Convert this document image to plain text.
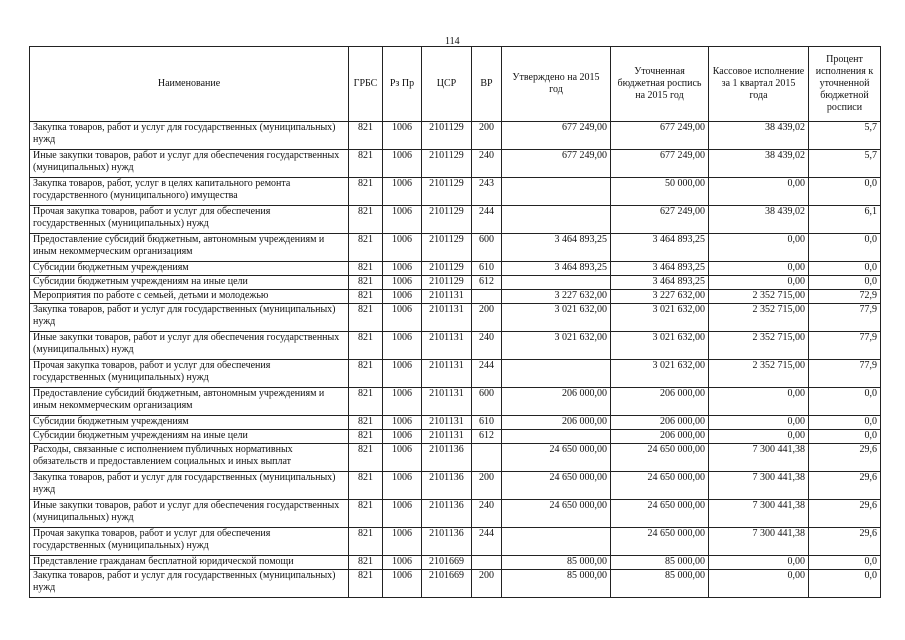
114
Наименование	ГРБС	Рз Пр	ЦСР	ВР	Утверждено на 2015 год	Уточненная бюджетная роспись на 2015 год	Кассовое исполнение за 1 квартал 2015 года	Процент исполнения к уточненной бюджетной росписи
Закупка товаров, работ и услуг для государственных (муниципальных) нужд	821	1006	2101129	200	677 249,00	677 249,00	38 439,02	5,7
Иные закупки товаров, работ и услуг для обеспечения государственных (муниципальных) нужд	821	1006	2101129	240	677 249,00	677 249,00	38 439,02	5,7
Закупка товаров, работ, услуг в целях капитального ремонта государственного (муниципального) имущества	821	1006	2101129	243		50 000,00	0,00	0,0
Прочая закупка товаров, работ и услуг для обеспечения государственных (муниципальных) нужд	821	1006	2101129	244		627 249,00	38 439,02	6,1
Предоставление субсидий бюджетным, автономным учреждениям и иным некоммерческим организациям	821	1006	2101129	600	3 464 893,25	3 464 893,25	0,00	0,0
Субсидии бюджетным учреждениям	821	1006	2101129	610	3 464 893,25	3 464 893,25	0,00	0,0
Субсидии бюджетным учреждениям на иные цели	821	1006	2101129	612		3 464 893,25	0,00	0,0
Мероприятия по работе с семьей, детьми и молодежью	821	1006	2101131		3 227 632,00	3 227 632,00	2 352 715,00	72,9
Закупка товаров, работ и услуг для государственных (муниципальных) нужд	821	1006	2101131	200	3 021 632,00	3 021 632,00	2 352 715,00	77,9
Иные закупки товаров, работ и услуг для обеспечения государственных (муниципальных) нужд	821	1006	2101131	240	3 021 632,00	3 021 632,00	2 352 715,00	77,9
Прочая закупка товаров, работ и услуг для обеспечения государственных (муниципальных) нужд	821	1006	2101131	244		3 021 632,00	2 352 715,00	77,9
Предоставление субсидий бюджетным, автономным учреждениям и иным некоммерческим организациям	821	1006	2101131	600	206 000,00	206 000,00	0,00	0,0
Субсидии бюджетным учреждениям	821	1006	2101131	610	206 000,00	206 000,00	0,00	0,0
Субсидии бюджетным учреждениям на иные цели	821	1006	2101131	612		206 000,00	0,00	0,0
Расходы, связанные с исполнением публичных нормативных обязательств и предоставлением социальных и иных выплат	821	1006	2101136		24 650 000,00	24 650 000,00	7 300 441,38	29,6
Закупка товаров, работ и услуг для государственных (муниципальных) нужд	821	1006	2101136	200	24 650 000,00	24 650 000,00	7 300 441,38	29,6
Иные закупки товаров, работ и услуг для обеспечения государственных (муниципальных) нужд	821	1006	2101136	240	24 650 000,00	24 650 000,00	7 300 441,38	29,6
Прочая закупка товаров, работ и услуг для обеспечения государственных (муниципальных) нужд	821	1006	2101136	244		24 650 000,00	7 300 441,38	29,6
Представление гражданам бесплатной юридической помощи	821	1006	2101669		85 000,00	85 000,00	0,00	0,0
Закупка товаров, работ и услуг для государственных (муниципальных) нужд	821	1006	2101669	200	85 000,00	85 000,00	0,00	0,0
